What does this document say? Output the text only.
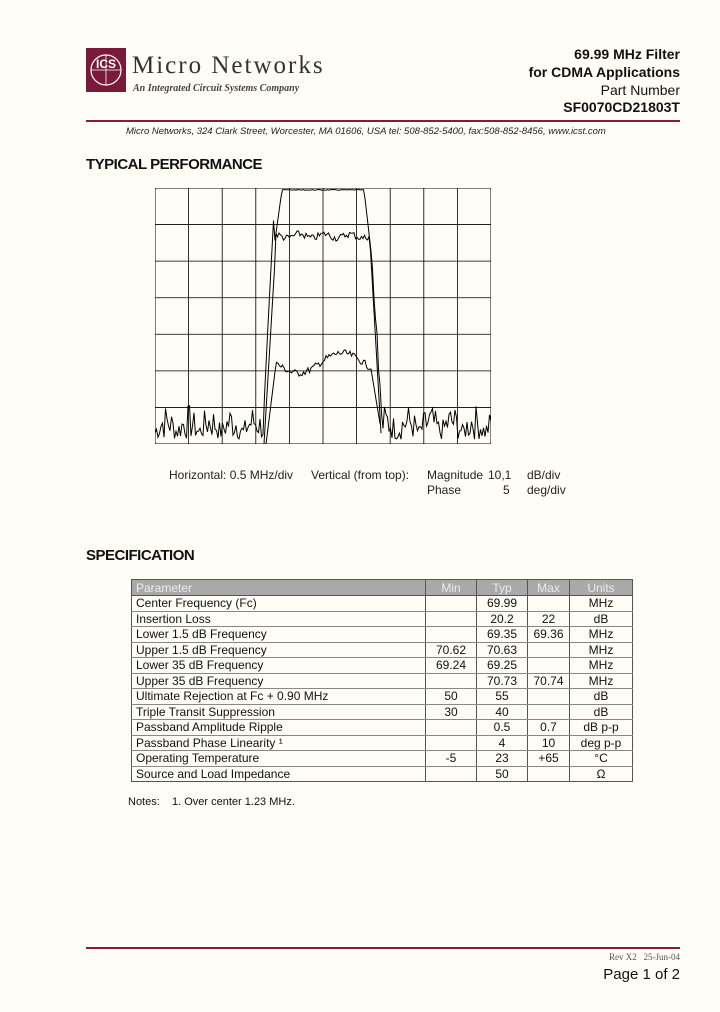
ICS Micro Networks
An Integrated Circuit Systems Company
69.99 MHz Filter
for CDMA Applications
Part Number
SF0070CD21803T
Micro Networks, 324 Clark Street, Worcester, MA 01606, USA tel: 508-852-5400, fax:508-852-8456, www.icst.com
TYPICAL PERFORMANCE
Horizontal: 0.5 MHz/div Vertical (from top): Magnitude 10,1 dB/div
Phase	5 deg/div
SPECIFICATION
Parameter	Min	Typ	Max	Units
Center Frequency (Fc)		69.99		MHz
Insertion Loss		20.2	22	dB
Lower 1.5 dB Frequency		69.35	69.36	MHz
Upper 1.5 dB Frequency	70.62	70.63		MHz
Lower 35 dB Frequency	69.24	69.25		MHz
Upper 35 dB Frequency		70.73	70.74	MHz
Ultimate Rejection at Fc + 0.90 MHz	50	55		dB
Triple Transit Suppression	30	40		dB
Passband Amplitude Ripple		0.5	0.7	dB p-p
Passband Phase Linearity ¹		4	10	deg p-p
Operating Temperature	-5	23	+65	°C
Source and Load Impedance		50		Ω
Notes:    1. Over center 1.23 MHz.
Rev X2   25-Jun-04
Page 1 of 2
